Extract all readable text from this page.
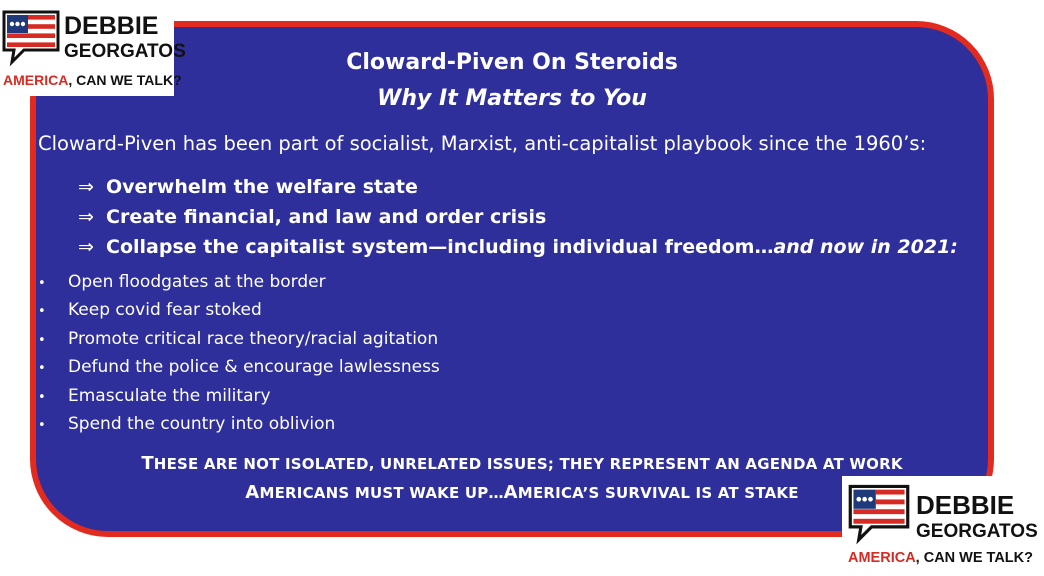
Cloward-Piven On Steroids
Why It Matters to You
Cloward-Piven has been part of socialist, Marxist, anti-capitalist playbook since the 1960’s:
⇒ Overwhelm the welfare state
⇒ Create financial, and law and order crisis
⇒ Collapse the capitalist system—including individual freedom…and now in 2021:
• Open floodgates at the border
• Keep covid fear stoked
• Promote critical race theory/racial agitation
• Defund the police & encourage lawlessness
• Emasculate the military
• Spend the country into oblivion
THESE ARE NOT ISOLATED, UNRELATED ISSUES; THEY REPRESENT AN AGENDA AT WORK
AMERICANS MUST WAKE UP…AMERICA’S SURVIVAL IS AT STAKE
DEBBIE
GEORGATOS
AMERICA, CAN WE TALK?
DEBBIE
GEORGATOS
AMERICA, CAN WE TALK?
